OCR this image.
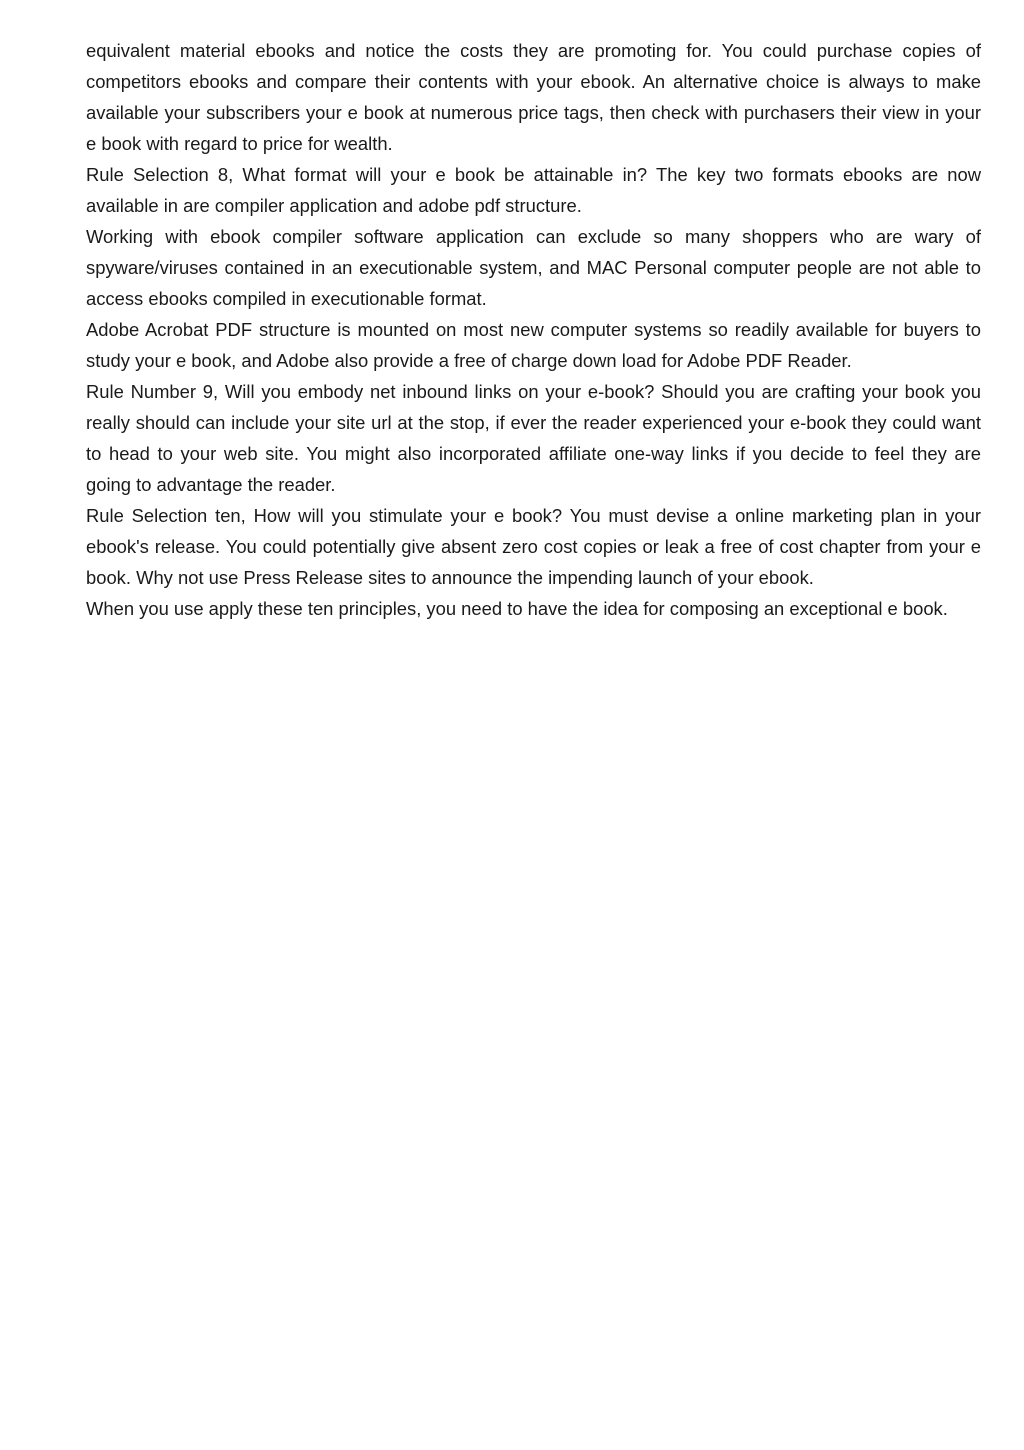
equivalent material ebooks and notice the costs they are promoting for. You could purchase copies of competitors ebooks and compare their contents with your ebook. An alternative choice is always to make available your subscribers your e book at numerous price tags, then check with purchasers their view in your e book with regard to price for wealth.

Rule Selection 8, What format will your e book be attainable in? The key two formats ebooks are now available in are compiler application and adobe pdf structure.

Working with ebook compiler software application can exclude so many shoppers who are wary of spyware/viruses contained in an executionable system, and MAC Personal computer people are not able to access ebooks compiled in executionable format.

Adobe Acrobat PDF structure is mounted on most new computer systems so readily available for buyers to study your e book, and Adobe also provide a free of charge down load for Adobe PDF Reader.

Rule Number 9, Will you embody net inbound links on your e-book? Should you are crafting your book you really should can include your site url at the stop, if ever the reader experienced your e-book they could want to head to your web site. You might also incorporated affiliate one-way links if you decide to feel they are going to advantage the reader.

Rule Selection ten, How will you stimulate your e book? You must devise a online marketing plan in your ebook's release. You could potentially give absent zero cost copies or leak a free of cost chapter from your e book. Why not use Press Release sites to announce the impending launch of your ebook.

When you use apply these ten principles, you need to have the idea for composing an exceptional e book.
